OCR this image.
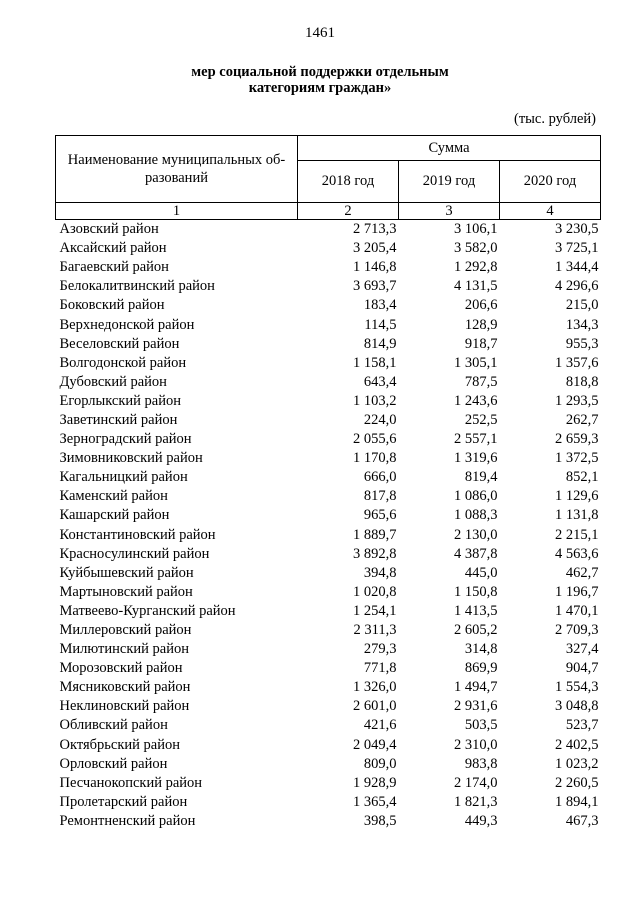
1461
мер социальной поддержки отдельным
категориям граждан»
(тыс. рублей)
Наименование муниципальных об-
разований	Сумма		
	2018 год	2019 год	2020 год
1	2	3	4
Азовский район	2 713,3	3 106,1	3 230,5
Аксайский район	3 205,4	3 582,0	3 725,1
Багаевский район	1 146,8	1 292,8	1 344,4
Белокалитвинский район	3 693,7	4 131,5	4 296,6
Боковский район	183,4	206,6	215,0
Верхнедонской район	114,5	128,9	134,3
Веселовский район	814,9	918,7	955,3
Волгодонской район	1 158,1	1 305,1	1 357,6
Дубовский район	643,4	787,5	818,8
Егорлыкский район	1 103,2	1 243,6	1 293,5
Заветинский район	224,0	252,5	262,7
Зерноградский район	2 055,6	2 557,1	2 659,3
Зимовниковский район	1 170,8	1 319,6	1 372,5
Кагальницкий район	666,0	819,4	852,1
Каменский район	817,8	1 086,0	1 129,6
Кашарский район	965,6	1 088,3	1 131,8
Константиновский район	1 889,7	2 130,0	2 215,1
Красносулинский район	3 892,8	4 387,8	4 563,6
Куйбышевский район	394,8	445,0	462,7
Мартыновский район	1 020,8	1 150,8	1 196,7
Матвеево-Курганский район	1 254,1	1 413,5	1 470,1
Миллеровский район	2 311,3	2 605,2	2 709,3
Милютинский район	279,3	314,8	327,4
Морозовский район	771,8	869,9	904,7
Мясниковский район	1 326,0	1 494,7	1 554,3
Неклиновский район	2 601,0	2 931,6	3 048,8
Обливский район	421,6	503,5	523,7
Октябрьский район	2 049,4	2 310,0	2 402,5
Орловский район	809,0	983,8	1 023,2
Песчанокопский район	1 928,9	2 174,0	2 260,5
Пролетарский район	1 365,4	1 821,3	1 894,1
Ремонтненский район	398,5	449,3	467,3
